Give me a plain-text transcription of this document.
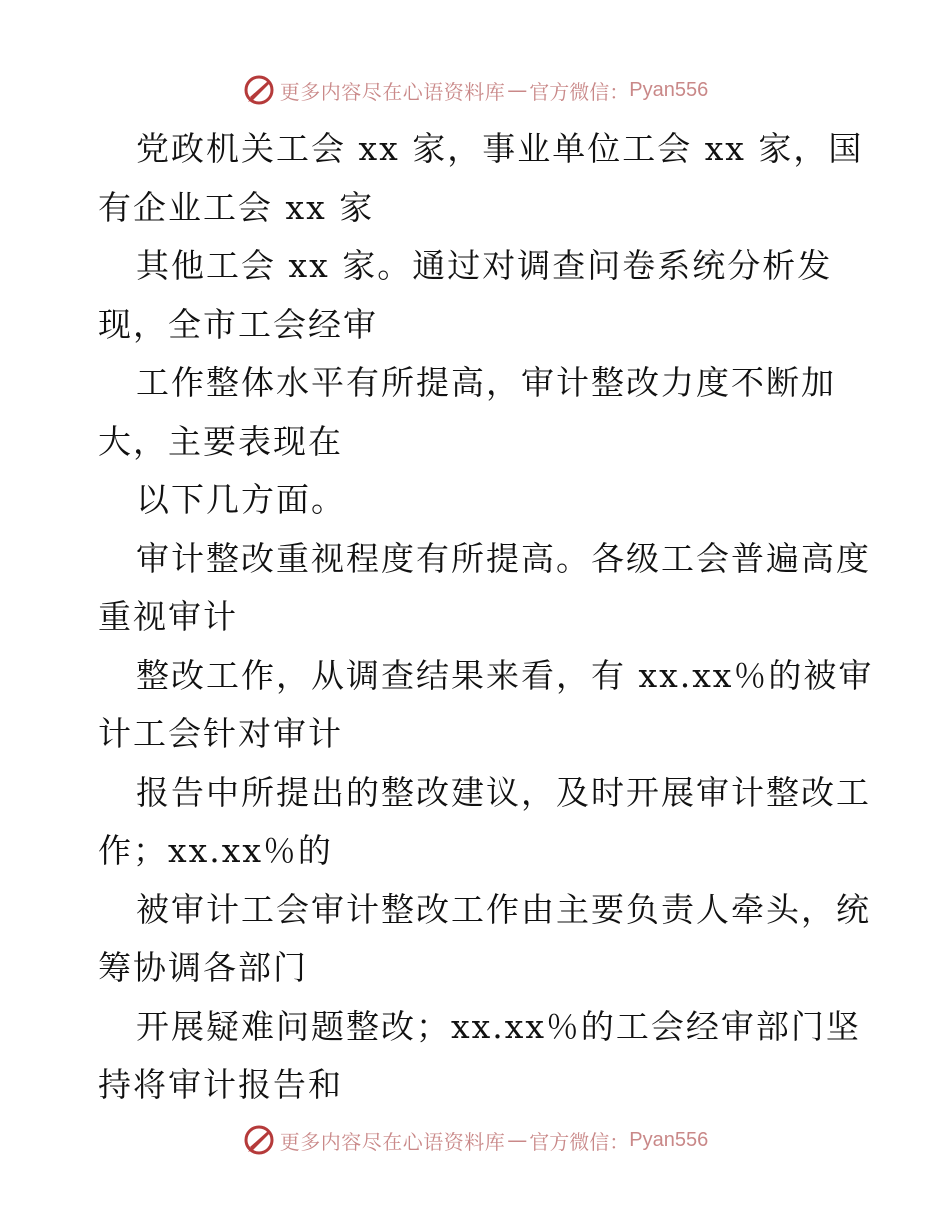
更多内容尽在心语资料库 — 官方微信： Pyan556

党政机关工会 xx 家，事业单位工会 xx 家，国
有企业工会 xx 家

其他工会 xx 家。通过对调查问卷系统分析发
现，全市工会经审

工作整体水平有所提高，审计整改力度不断加
大，主要表现在

以下几方面。

审计整改重视程度有所提高。各级工会普遍高度
重视审计

整改工作，从调查结果来看，有 xx.xx％的被审
计工会针对审计

报告中所提出的整改建议，及时开展审计整改工
作；xx.xx％的

被审计工会审计整改工作由主要负责人牵头，统
筹协调各部门

开展疑难问题整改；xx.xx％的工会经审部门坚
持将审计报告和

更多内容尽在心语资料库 — 官方微信： Pyan556
